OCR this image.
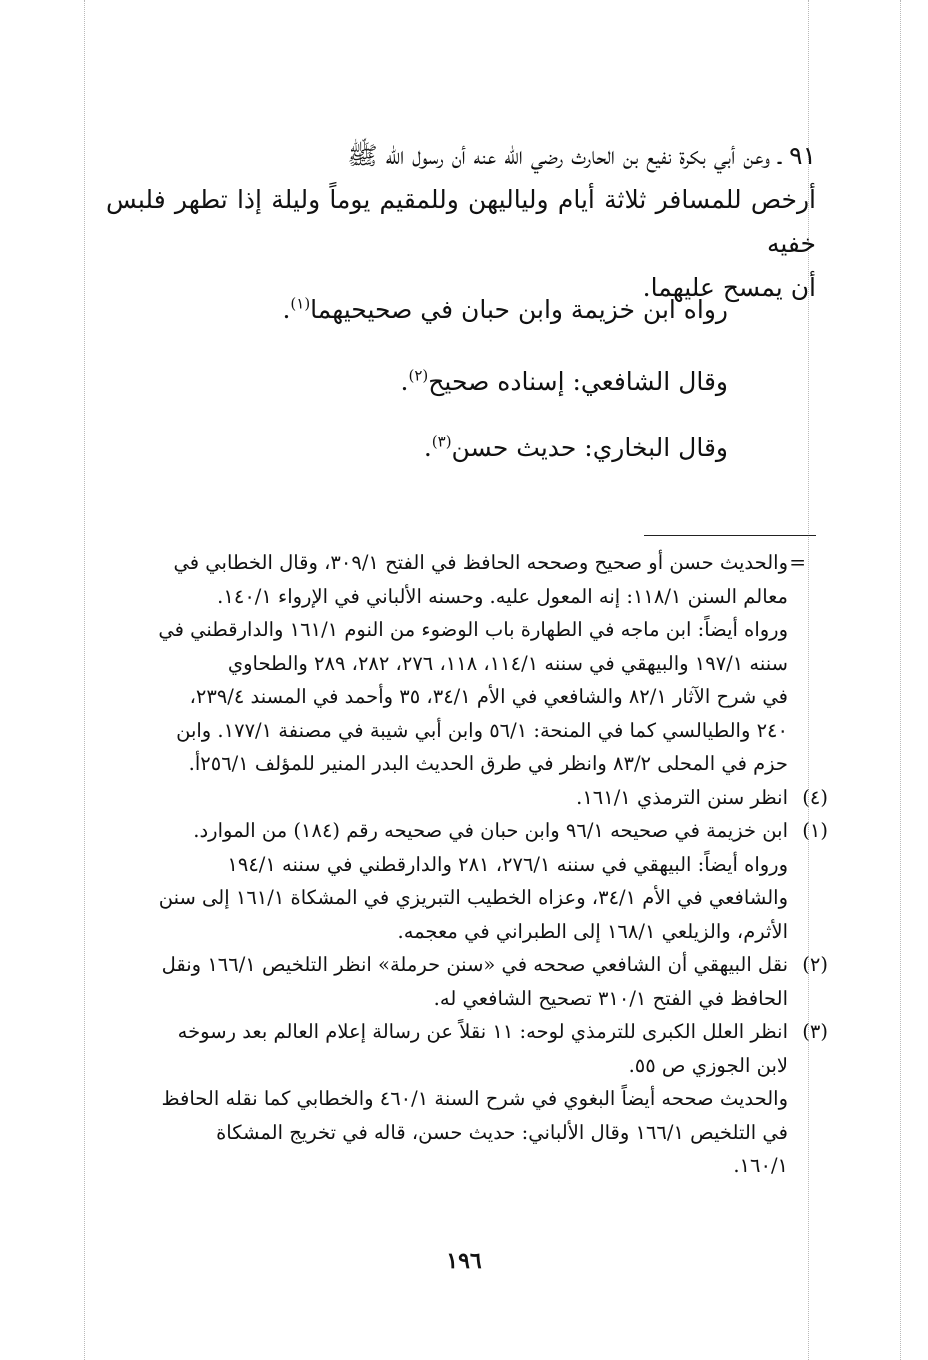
٩١ ـ وعن أبي بكرة نفيع بن الحارث رضي الله عنه أن رسول الله ﷺ
أرخص للمسافر ثلاثة أيام ولياليهن وللمقيم يوماً وليلة إذا تطهر فلبس خفيه
أن يمسح عليهما.
رواه ابن خزيمة وابن حبان في صحيحيهما$^{(١)}$.
وقال الشافعي: إسناده صحيح$^{(٢)}$.
وقال البخاري: حديث حسن$^{(٣)}$.
=
والحديث حسن أو صحيح وصححه الحافظ في الفتح ٣٠٩/١، وقال الخطابي في
معالم السنن ١١٨/١: إنه المعول عليه. وحسنه الألباني في الإرواء ١٤٠/١.
ورواه أيضاً: ابن ماجه في الطهارة باب الوضوء من النوم ١٦١/١ والدارقطني في
سننه ١٩٧/١ والبيهقي في سننه ١١٤/١، ١١٨، ٢٧٦، ٢٨٢، ٢٨٩ والطحاوي
في شرح الآثار ٨٢/١ والشافعي في الأم ٣٤/١، ٣٥ وأحمد في المسند ٢٣٩/٤،
٢٤٠ والطيالسي كما في المنحة: ٥٦/١ وابن أبي شيبة في مصنفة ١٧٧/١. وابن
حزم في المحلى ٨٣/٢ وانظر في طرق الحديث البدر المنير للمؤلف ٢٥٦/١أ.
(٤)
انظر سنن الترمذي ١٦١/١.
(١)
ابن خزيمة في صحيحه ٩٦/١ وابن حبان في صحيحه رقم (١٨٤) من الموارد.
ورواه أيضاً: البيهقي في سننه ٢٧٦/١، ٢٨١ والدارقطني في سننه ١٩٤/١
والشافعي في الأم ٣٤/١، وعزاه الخطيب التبريزي في المشكاة ١٦١/١ إلى سنن
الأثرم، والزيلعي ١٦٨/١ إلى الطبراني في معجمه.
(٢)
نقل البيهقي أن الشافعي صححه في «سنن حرملة» انظر التلخيص ١٦٦/١ ونقل
الحافظ في الفتح ٣١٠/١ تصحيح الشافعي له.
(٣)
انظر العلل الكبرى للترمذي لوحه: ١١ نقلاً عن رسالة إعلام العالم بعد رسوخه
لابن الجوزي ص ٥٥.
والحديث صححه أيضاً البغوي في شرح السنة ٤٦٠/١ والخطابي كما نقله الحافظ
في التلخيص ١٦٦/١ وقال الألباني: حديث حسن، قاله في تخريج المشكاة
١٦٠/١.
١٩٦
